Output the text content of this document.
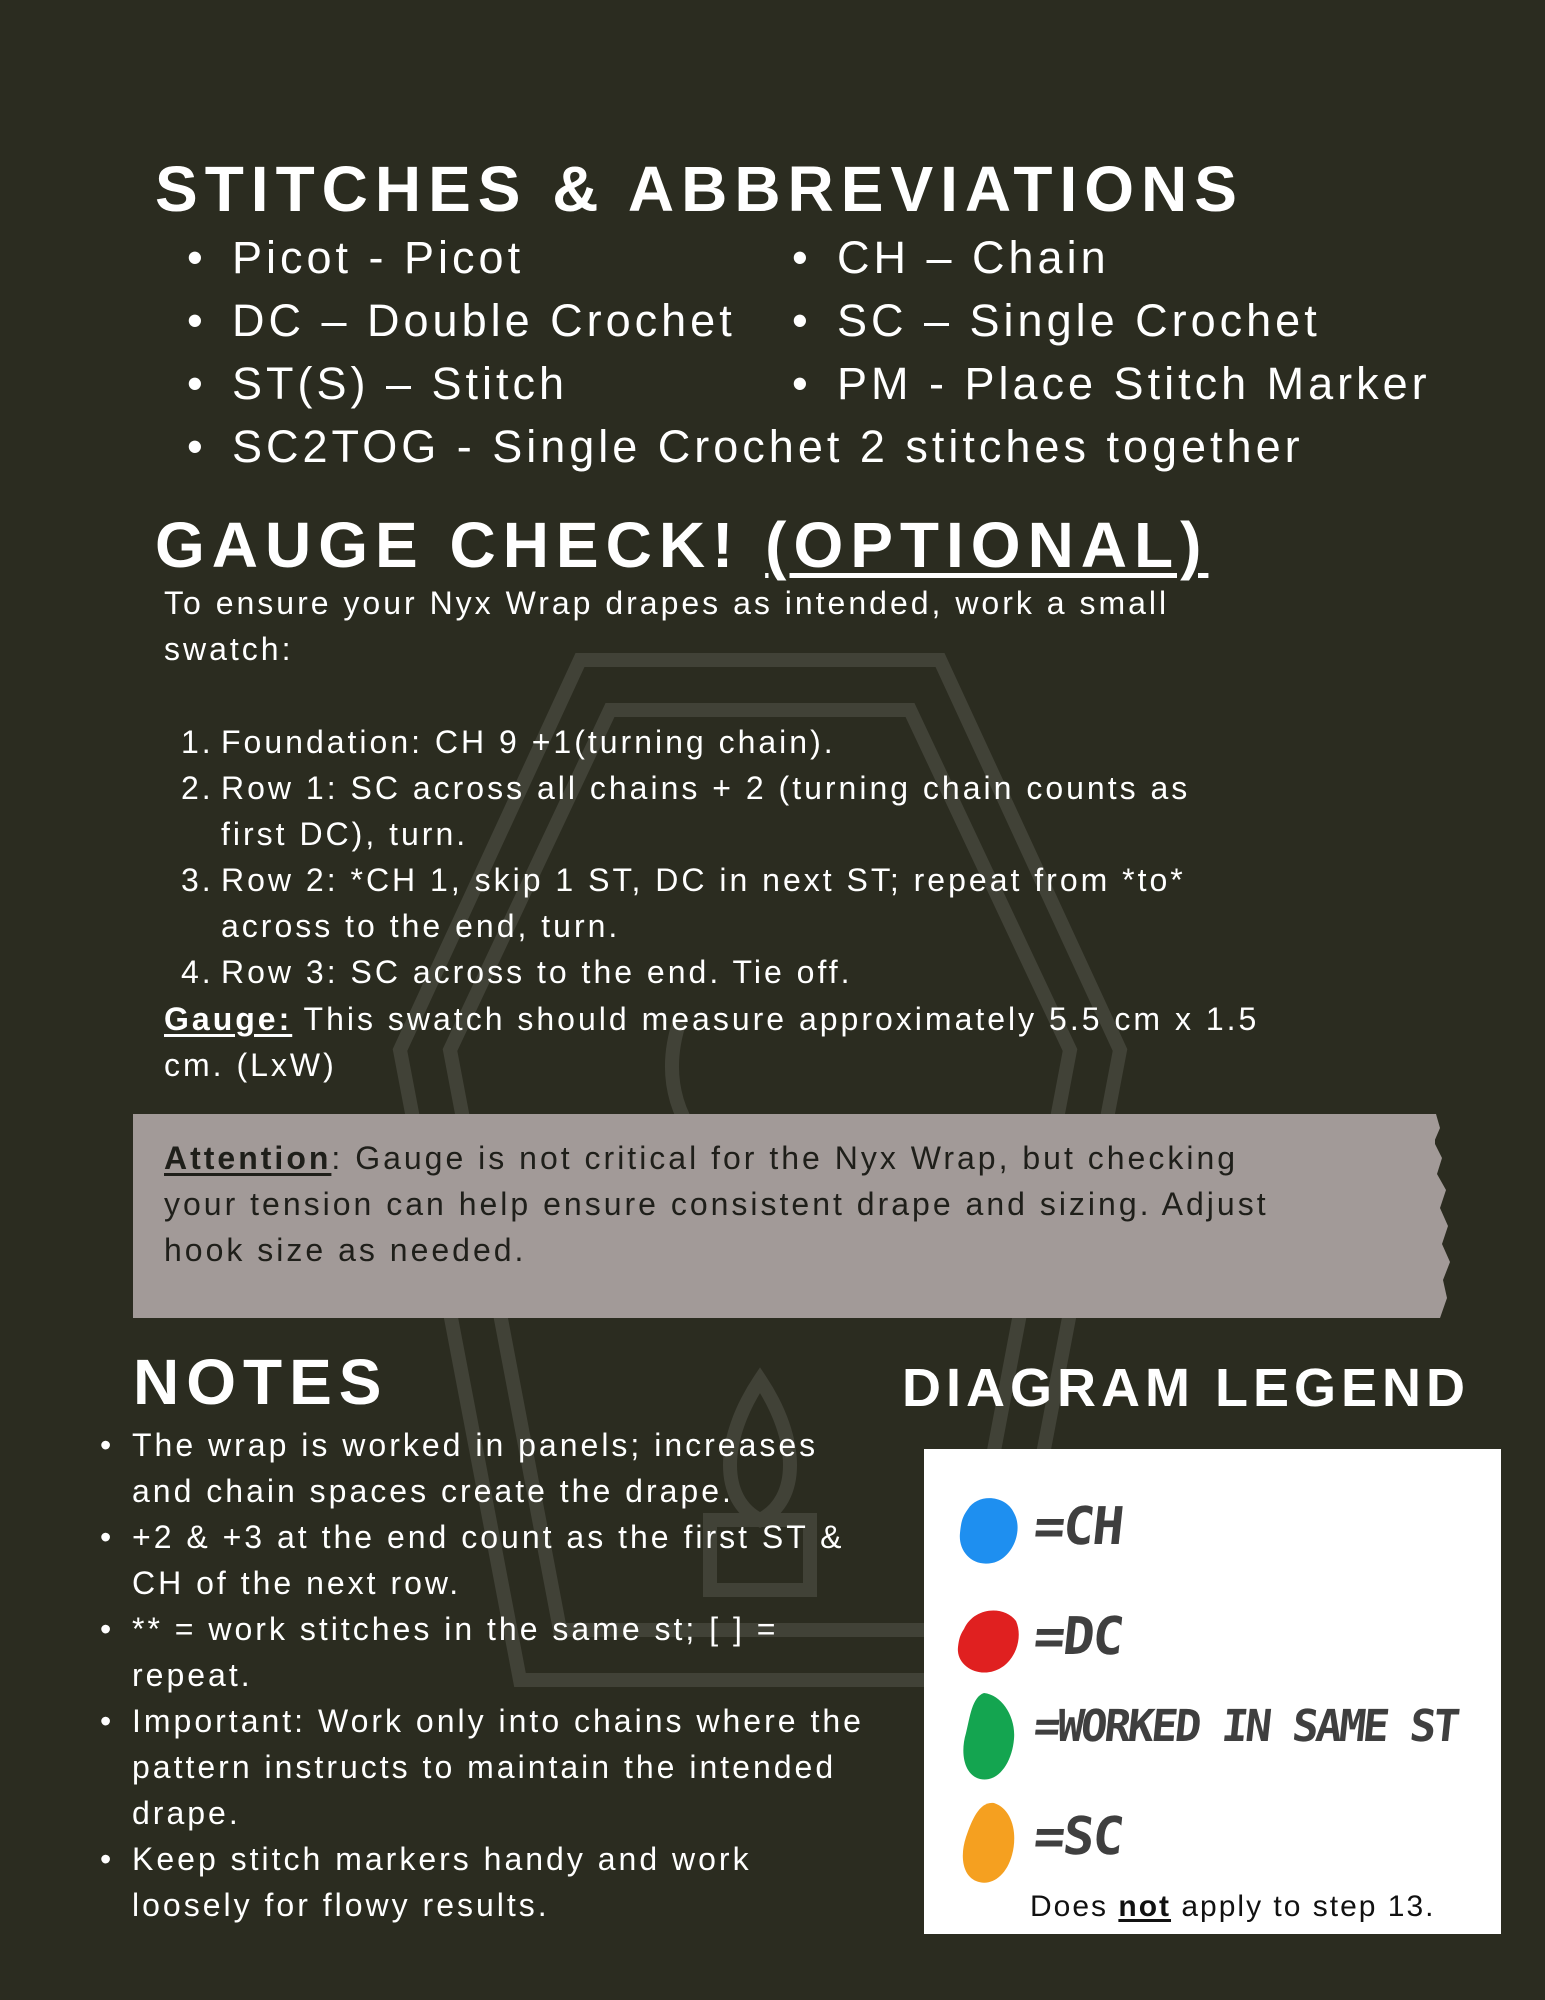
STITCHES & ABBREVIATIONS
• Picot - Picot
• DC – Double Crochet
• ST(S) – Stitch
• SC2TOG - Single Crochet 2 stitches together
• CH – Chain
• SC – Single Crochet
• PM - Place Stitch Marker
GAUGE CHECK! (OPTIONAL)

To ensure your Nyx Wrap drapes as intended, work a small swatch:

1. Foundation: CH 9 +1(turning chain).
2. Row 1: SC across all chains + 2 (turning chain counts as first DC), turn.
3. Row 2: *CH 1, skip 1 ST, DC in next ST; repeat from *to* across to the end, turn.
4. Row 3: SC across to the end. Tie off.

Gauge: This swatch should measure approximately 5.5 cm x 1.5 cm. (LxW)

Attention: Gauge is not critical for the Nyx Wrap, but checking your tension can help ensure consistent drape and sizing. Adjust hook size as needed.

NOTES
• The wrap is worked in panels; increases and chain spaces create the drape.
• +2 & +3 at the end count as the first ST & CH of the next row.
• ** = work stitches in the same st; [ ] = repeat.
• Important: Work only into chains where the pattern instructs to maintain the intended drape.
• Keep stitch markers handy and work loosely for flowy results.
DIAGRAM LEGEND
=CH
=DC
=WORKED IN SAME ST
=SC
Does not apply to step 13.
